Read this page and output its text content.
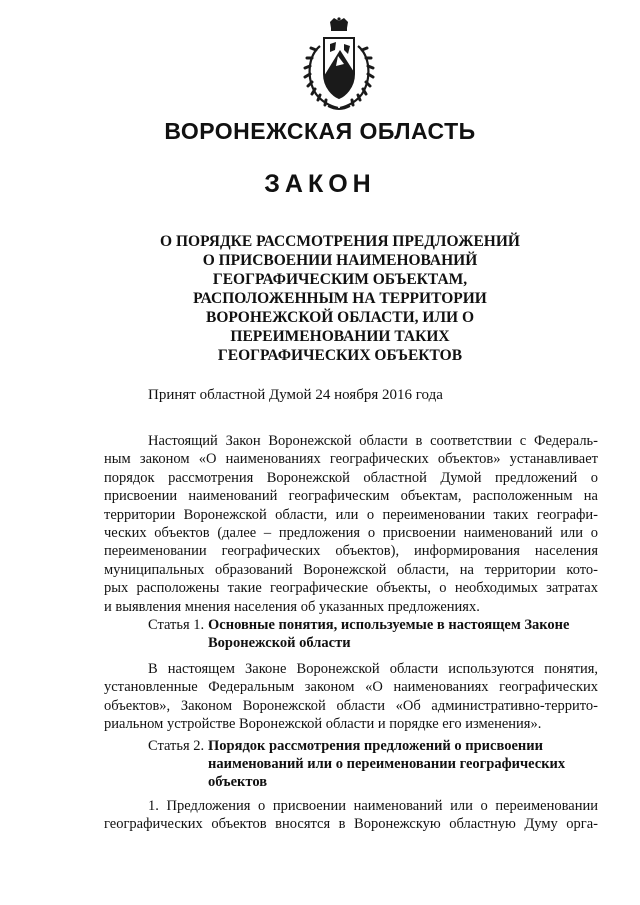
ВОРОНЕЖСКАЯ ОБЛАСТЬ
ЗАКОН
О ПОРЯДКЕ РАССМОТРЕНИЯ ПРЕДЛОЖЕНИЙ
О ПРИСВОЕНИИ НАИМЕНОВАНИЙ
ГЕОГРАФИЧЕСКИМ ОБЪЕКТАМ,
РАСПОЛОЖЕННЫМ НА ТЕРРИТОРИИ
ВОРОНЕЖСКОЙ ОБЛАСТИ, ИЛИ О
ПЕРЕИМЕНОВАНИИ ТАКИХ
ГЕОГРАФИЧЕСКИХ ОБЪЕКТОВ
Принят областной Думой 24 ноября 2016 года
Настоящий Закон Воронежской области в соответствии с Федераль-
ным законом «О наименованиях географических объектов» устанавливает
порядок рассмотрения Воронежской областной Думой предложений о
присвоении наименований географическим объектам, расположенным на
территории Воронежской области, или о переименовании таких географи-
ческих объектов (далее – предложения о присвоении наименований или о
переименовании географических объектов), информирования населения
муниципальных образований Воронежской области, на территории кото-
рых расположены такие географические объекты, о необходимых затратах
и выявления мнения населения об указанных предложениях.
Статья 1. Основные понятия, используемые в настоящем Законе
Воронежской области
В настоящем Законе Воронежской области используются понятия,
установленные Федеральным законом «О наименованиях географических
объектов», Законом Воронежской области «Об административно-террито-
риальном устройстве Воронежской области и порядке его изменения».
Статья 2. Порядок рассмотрения предложений о присвоении
наименований или о переименовании географических
объектов
1. Предложения о присвоении наименований или о переименовании
географических объектов вносятся в Воронежскую областную Думу орга-
